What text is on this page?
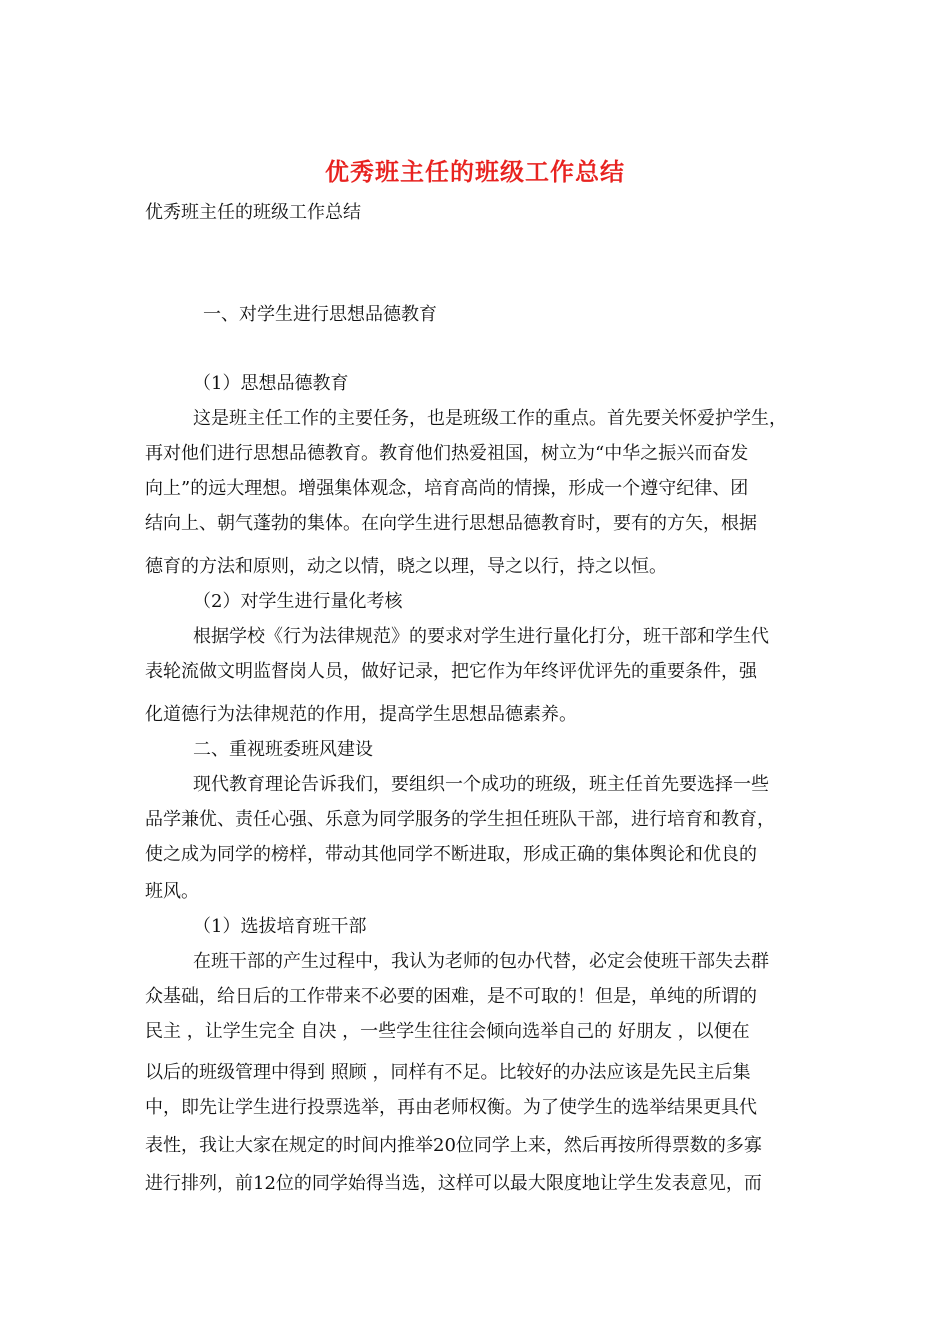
优秀班主任的班级工作总结
优秀班主任的班级工作总结
一、对学生进行思想品德教育
（1）思想品德教育
这是班主任工作的主要任务，也是班级工作的重点。首先要关怀爱护学生，
再对他们进行思想品德教育。教育他们热爱祖国，树立为“中华之振兴而奋发
向上”的远大理想。增强集体观念，培育高尚的情操，形成一个遵守纪律、团
结向上、朝气蓬勃的集体。在向学生进行思想品德教育时，要有的方矢，根据
德育的方法和原则，动之以情，晓之以理，导之以行，持之以恒。
（2）对学生进行量化考核
根据学校《行为法律规范》的要求对学生进行量化打分，班干部和学生代
表轮流做文明监督岗人员，做好记录，把它作为年终评优评先的重要条件，强
化道德行为法律规范的作用，提高学生思想品德素养。
二、重视班委班风建设
现代教育理论告诉我们，要组织一个成功的班级，班主任首先要选择一些
品学兼优、责任心强、乐意为同学服务的学生担任班队干部，进行培育和教育，
使之成为同学的榜样，带动其他同学不断进取，形成正确的集体舆论和优良的
班风。
（1）选拔培育班干部
在班干部的产生过程中，我认为老师的包办代替，必定会使班干部失去群
众基础，给日后的工作带来不必要的困难，是不可取的！但是，单纯的所谓的
民主 ，让学生完全 自决 ，一些学生往往会倾向选举自己的 好朋友 ，以便在
以后的班级管理中得到 照顾 ，同样有不足。比较好的办法应该是先民主后集
中，即先让学生进行投票选举，再由老师权衡。为了使学生的选举结果更具代
表性，我让大家在规定的时间内推举20位同学上来，然后再按所得票数的多寡
进行排列，前12位的同学始得当选，这样可以最大限度地让学生发表意见，而
